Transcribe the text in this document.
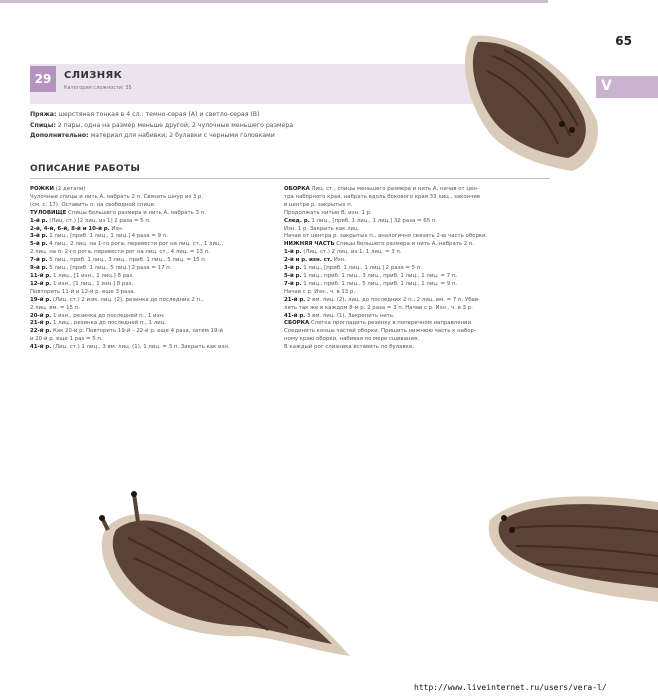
65
V
29	СЛИЗНЯК
Категория сложности: 35
Пряжа: шерстяная тонкая в 4 сл.: темно-серая (А) и светло-серая (В)
Спицы: 2 пары, одна на размер меньше другой; 2 чулочные меньшего размера
Дополнительно: материал для набивки; 2 булавки с черными головками
ОПИСАНИЕ РАБОТЫ
РОЖКИ (2 детали)
Чулочные спицы и нить А, набрать 2 п. Связать шнур из 3 р.
(см. с. 17). Оставить п. на свободной спице.
ТУЛОВИЩЕ Спицы большего размера и нить А, набрать 3 п.
1-й р. (Лиц. ст.) [2 лиц. из 1] 2 раза = 5 п.
2-й, 4-й, 6-й, 8-й и 10-й р. Изн.
3-й р. 1 лиц., [приб. 1 лиц., 1 лиц.] 4 раза = 9 п.
5-й р. 4 лиц., 2 лиц. на 1-го рога, перевести рог на лиц. ст., 1 лиц.,
2 лиц. на п. 2-го рога, перевести рог на лиц. ст., 4 лиц. = 13 п.
7-й р. 5 лиц., приб. 1 лиц., 3 лиц., приб. 1 лиц., 5 лиц. = 15 п.
9-й р. 5 лиц., [приб. 1 лиц., 5 лиц.] 2 раза = 17 п.
11-й р. 1 лиц., [1 изн., 1 лиц.] 8 раз.
12-й р. 1 изн., [1 лиц., 1 изн.] 8 раз.
Повторить 11-й и 12-й р. еще 3 раза.
19-й р. (Лиц. ст.) 2 изм. лиц. (2), резинка до последних 2 п.,
2 лиц. вм. = 15 п.
20-й р. 1 изн., резинка до последней п., 1 изн.
21-й р. 1 лиц., резинка до последней п., 1 лиц.
22-й р. Как 20-й р. Повторить 19-й – 22-й р. еще 4 раза, затем 19-й
и 20-й р. еще 1 раз = 5 п.
41-й р. (Лиц. ст.) 1 лиц., 3 вм. лиц. (1), 1 лиц. = 3 п. Закрыть как изн.
ОБОРКА Лиц. ст., спицы меньшего размера и нить А, начав от цен-
тра наборного края, набрать вдоль бокового края 33 лиц., закончив
в центре р. закрытых п.
Продолжать нитью В, изн. 1 р.
След. р. 1 лиц., [приб. 1 лиц., 1 лиц.] 32 раза = 65 п.
Изн. 1 р. Закрыть как лиц.
Начав от центра р. закрытых п., аналогично связать 2-ю часть оборки.
НИЖНЯЯ ЧАСТЬ Спицы большего размера и нить А, набрать 2 п.
1-й р. (Лиц. ст.) 2 лиц. из 1, 1 лиц. = 3 п.
2-й и р. изн. ст. Изн.
3-й р. 1 лиц., [приб. 1 лиц., 1 лиц.] 2 раза = 5 п.
5-й р. 1 лиц., приб. 1 лиц., 3 лиц., приб. 1 лиц., 1 лиц. = 7 п.
7-й р. 1 лиц., приб. 1 лиц., 5 лиц., приб. 1 лиц., 1 лиц. = 9 п.
Начав с р. Изн., ч. в 13 р.
21-й р. 2 вм. лиц. (2), лиц. до последних 2 п., 2 лиц. вм. = 7 п. Убав-
лять так же в каждом 8-м р. 2 раза = 3 п. Начав с р. Изн., ч. в 3 р.
41-й р. 3 вм. лиц. (1). Закрепить нить.
СБОРКА Слегка прогладить резинку в поперечном направлении.
Соединить концы частей оборки. Пришить нижнюю часть к набор-
ному краю оборки, набивая по мере сшивания.
В каждый рог слизника вставить по булавке.
http://www.liveinternet.ru/users/vera-l/
